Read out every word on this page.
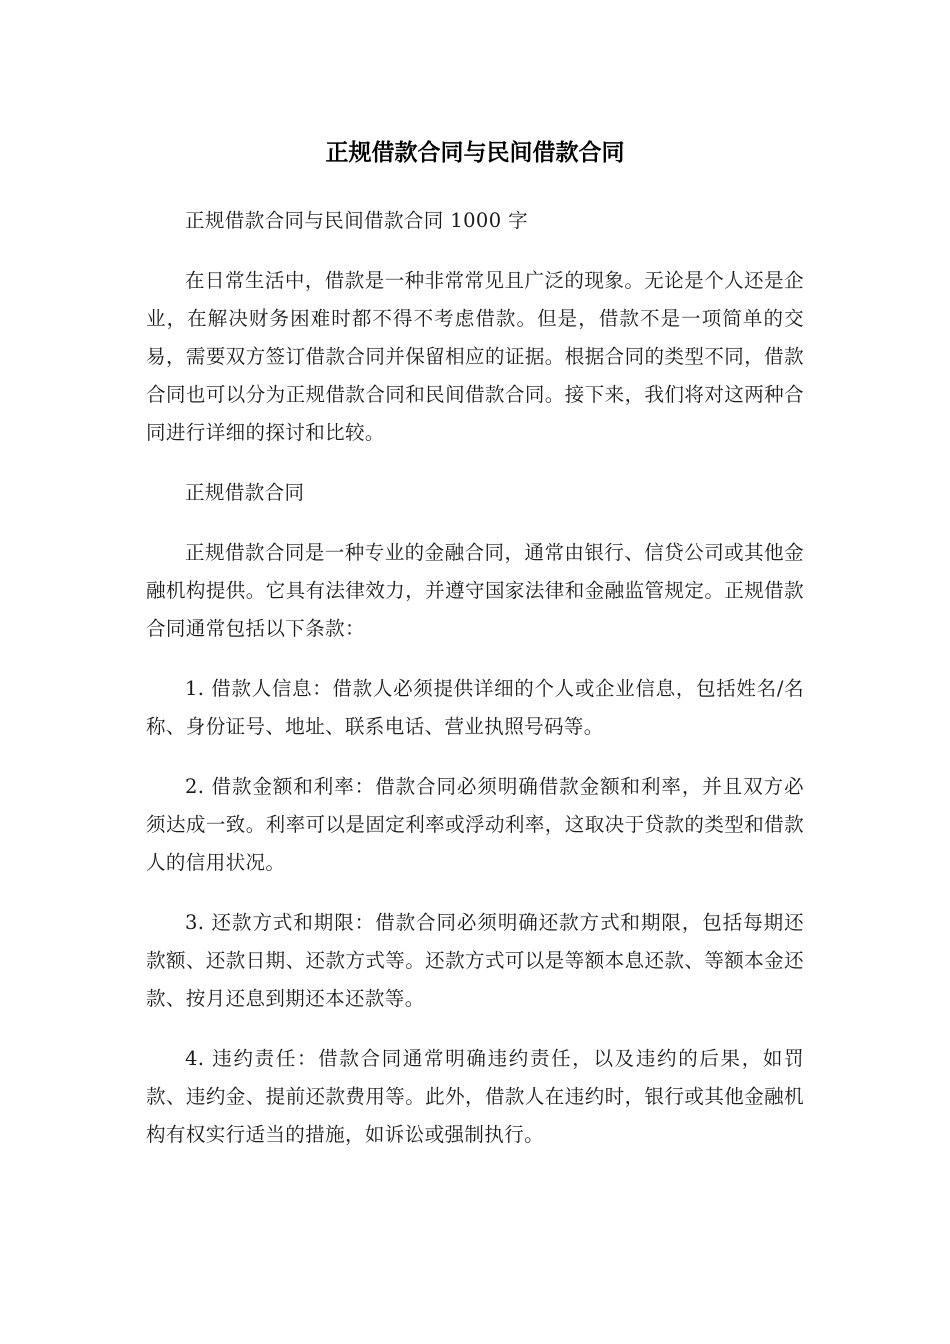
正规借款合同与民间借款合同

正规借款合同与民间借款合同 1000 字

在日常生活中，借款是一种非常常见且广泛的现象。无论是个人还是企业，在解决财务困难时都不得不考虑借款。但是，借款不是一项简单的交易，需要双方签订借款合同并保留相应的证据。根据合同的类型不同，借款合同也可以分为正规借款合同和民间借款合同。接下来，我们将对这两种合同进行详细的探讨和比较。

正规借款合同

正规借款合同是一种专业的金融合同，通常由银行、信贷公司或其他金融机构提供。它具有法律效力，并遵守国家法律和金融监管规定。正规借款合同通常包括以下条款：

1. 借款人信息：借款人必须提供详细的个人或企业信息，包括姓名/名称、身份证号、地址、联系电话、营业执照号码等。

2. 借款金额和利率：借款合同必须明确借款金额和利率，并且双方必须达成一致。利率可以是固定利率或浮动利率，这取决于贷款的类型和借款人的信用状况。

3. 还款方式和期限：借款合同必须明确还款方式和期限，包括每期还款额、还款日期、还款方式等。还款方式可以是等额本息还款、等额本金还款、按月还息到期还本还款等。

4. 违约责任：借款合同通常明确违约责任，以及违约的后果，如罚款、违约金、提前还款费用等。此外，借款人在违约时，银行或其他金融机构有权实行适当的措施，如诉讼或强制执行。
